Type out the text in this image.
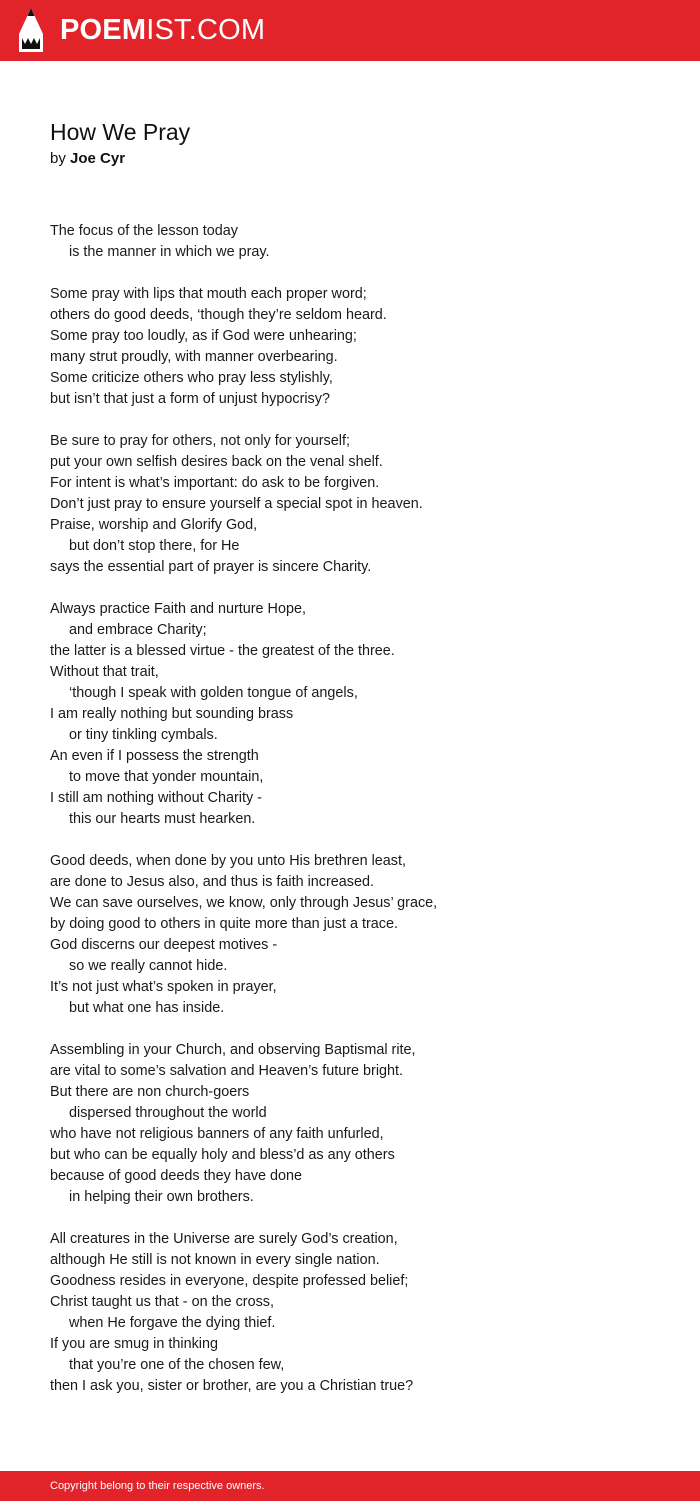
POEMIST.COM
How We Pray
by Joe Cyr
The focus of the lesson today
is the manner in which we pray.
Some pray with lips that mouth each proper word;
others do good deeds, ‘though they’re seldom heard.
Some pray too loudly, as if God were unhearing;
many strut proudly, with manner overbearing.
Some criticize others who pray less stylishly,
but isn’t that just a form of unjust hypocrisy?
Be sure to pray for others, not only for yourself;
put your own selfish desires back on the venal shelf.
For intent is what’s important: do ask to be forgiven.
Don’t just pray to ensure yourself a special spot in heaven.
Praise, worship and Glorify God,
but don’t stop there, for He
says the essential part of prayer is sincere Charity.
Always practice Faith and nurture Hope,
and embrace Charity;
the latter is a blessed virtue - the greatest of the three.
Without that trait,
‘though I speak with golden tongue of angels,
I am really nothing but sounding brass
or tiny tinkling cymbals.
An even if I possess the strength
to move that yonder mountain,
I still am nothing without Charity -
this our hearts must hearken.
Good deeds, when done by you unto His brethren least,
are done to Jesus also, and thus is faith increased.
We can save ourselves, we know, only through Jesus’ grace,
by doing good to others in quite more than just a trace.
God discerns our deepest motives -
so we really cannot hide.
It’s not just what’s spoken in prayer,
but what one has inside.
Assembling in your Church, and observing Baptismal rite,
are vital to some’s salvation and Heaven’s future bright.
But there are non church-goers
dispersed throughout the world
who have not religious banners of any faith unfurled,
but who can be equally holy and bless’d as any others
because of good deeds they have done
in helping their own brothers.
All creatures in the Universe are surely God’s creation,
although He still is not known in every single nation.
Goodness resides in everyone, despite professed belief;
Christ taught us that - on the cross,
when He forgave the dying thief.
If you are smug in thinking
that you’re one of the chosen few,
then I ask you, sister or brother, are you a Christian true?
Copyright belong to their respective owners.
